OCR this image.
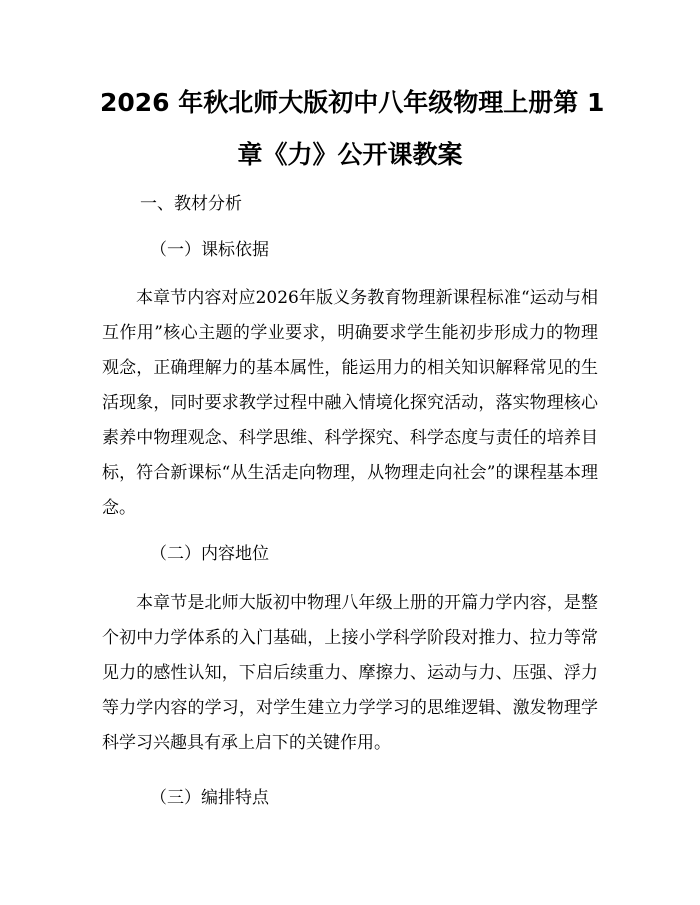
2026 年秋北师大版初中八年级物理上册第 1
章《力》公开课教案
一、教材分析
（一）课标依据

本章节内容对应2026年版义务教育物理新课程标准“运动与相互作用”核心主题的学业要求，明确要求学生能初步形成力的物理观念，正确理解力的基本属性，能运用力的相关知识解释常见的生活现象，同时要求教学过程中融入情境化探究活动，落实物理核心素养中物理观念、科学思维、科学探究、科学态度与责任的培养目标，符合新课标“从生活走向物理，从物理走向社会”的课程基本理念。

（二）内容地位

本章节是北师大版初中物理八年级上册的开篇力学内容，是整个初中力学体系的入门基础，上接小学科学阶段对推力、拉力等常见力的感性认知，下启后续重力、摩擦力、运动与力、压强、浮力等力学内容的学习，对学生建立力学学习的思维逻辑、激发物理学科学习兴趣具有承上启下的关键作用。

（三）编排特点
